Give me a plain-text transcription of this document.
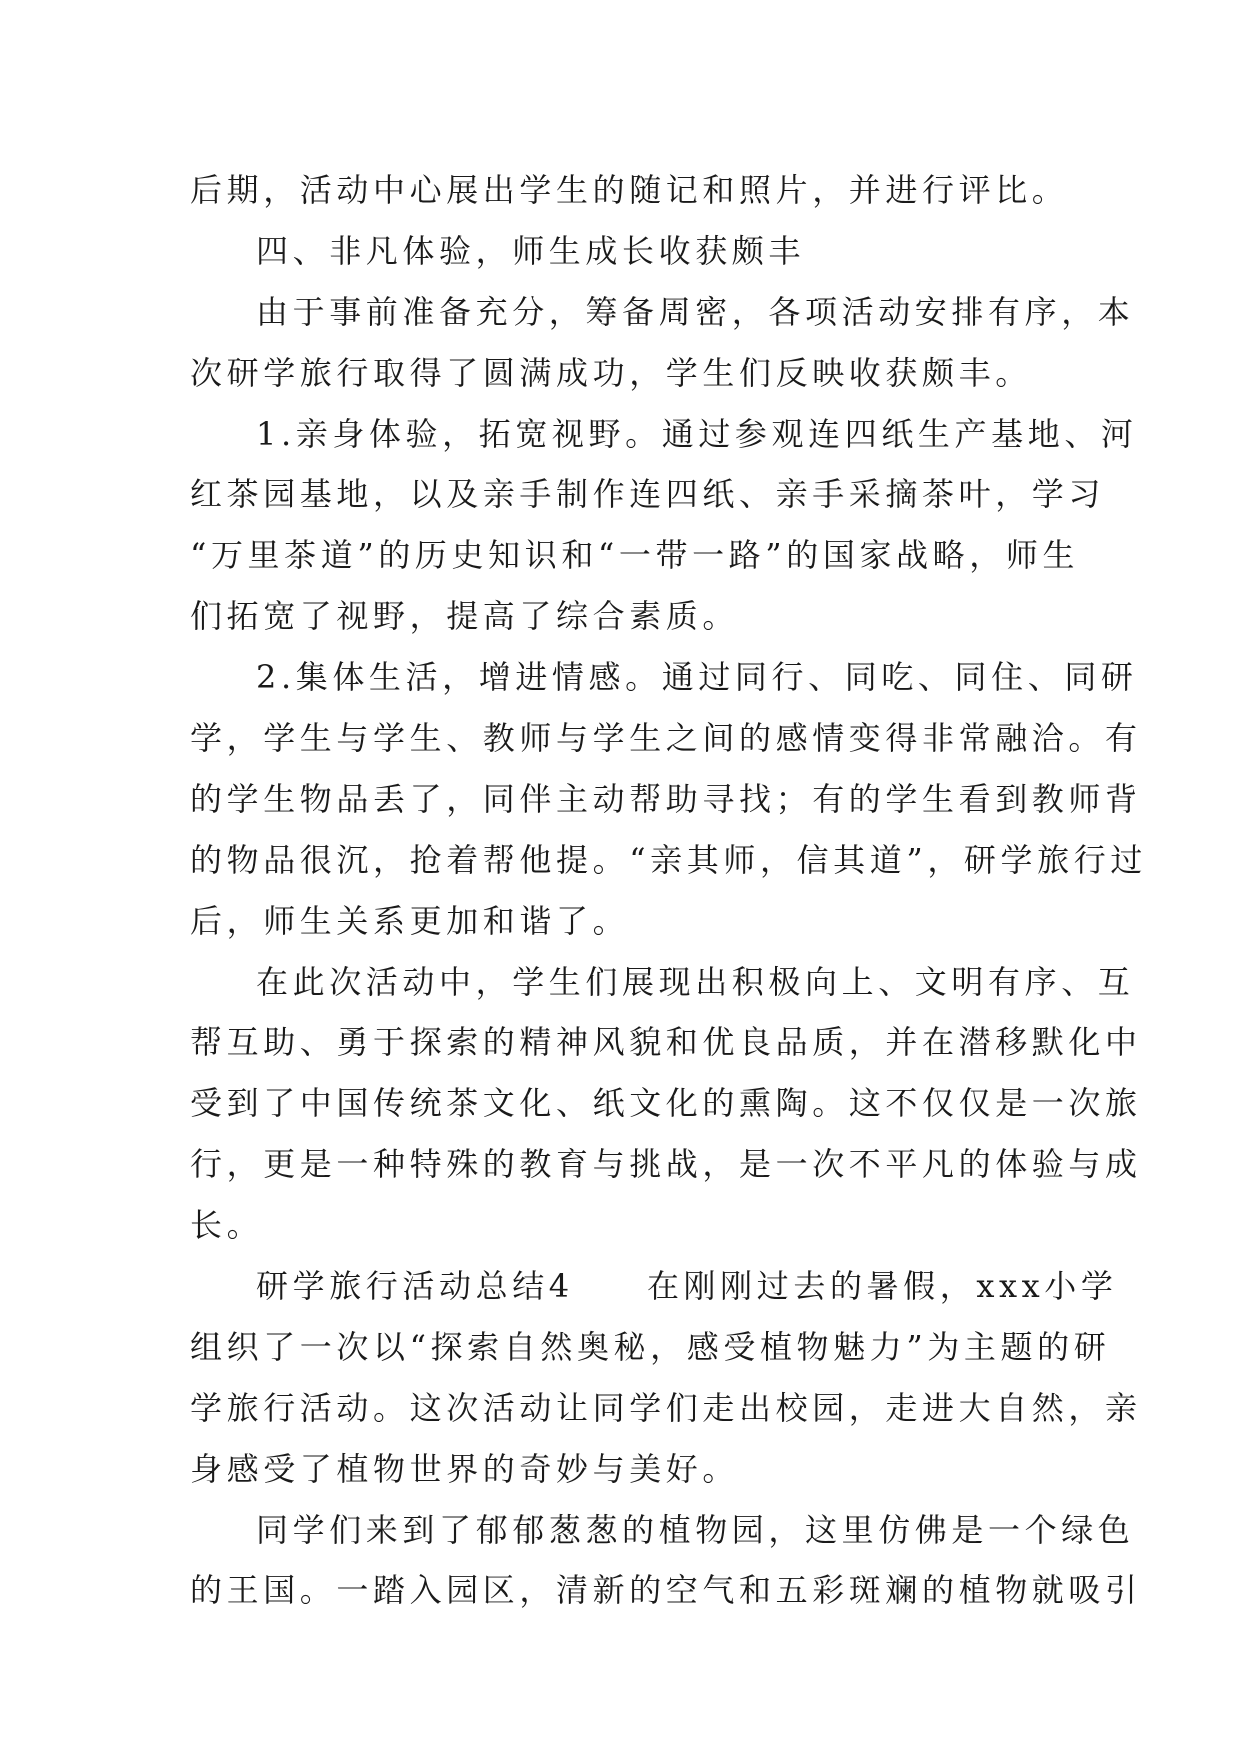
后期，活动中心展出学生的随记和照片，并进行评比。
四、非凡体验，师生成长收获颇丰
由于事前准备充分，筹备周密，各项活动安排有序，本
次研学旅行取得了圆满成功，学生们反映收获颇丰。
1.亲身体验，拓宽视野。通过参观连四纸生产基地、河
红茶园基地，以及亲手制作连四纸、亲手采摘茶叶，学习
“万里茶道”的历史知识和“一带一路”的国家战略，师生
们拓宽了视野，提高了综合素质。
2.集体生活，增进情感。通过同行、同吃、同住、同研
学，学生与学生、教师与学生之间的感情变得非常融洽。有
的学生物品丢了，同伴主动帮助寻找；有的学生看到教师背
的物品很沉，抢着帮他提。“亲其师，信其道”，研学旅行过
后，师生关系更加和谐了。
在此次活动中，学生们展现出积极向上、文明有序、互
帮互助、勇于探索的精神风貌和优良品质，并在潜移默化中
受到了中国传统茶文化、纸文化的熏陶。这不仅仅是一次旅
行，更是一种特殊的教育与挑战，是一次不平凡的体验与成
长。
研学旅行活动总结4　　在刚刚过去的暑假，xxx小学
组织了一次以“探索自然奥秘，感受植物魅力”为主题的研
学旅行活动。这次活动让同学们走出校园，走进大自然，亲
身感受了植物世界的奇妙与美好。
同学们来到了郁郁葱葱的植物园，这里仿佛是一个绿色
的王国。一踏入园区，清新的空气和五彩斑斓的植物就吸引
